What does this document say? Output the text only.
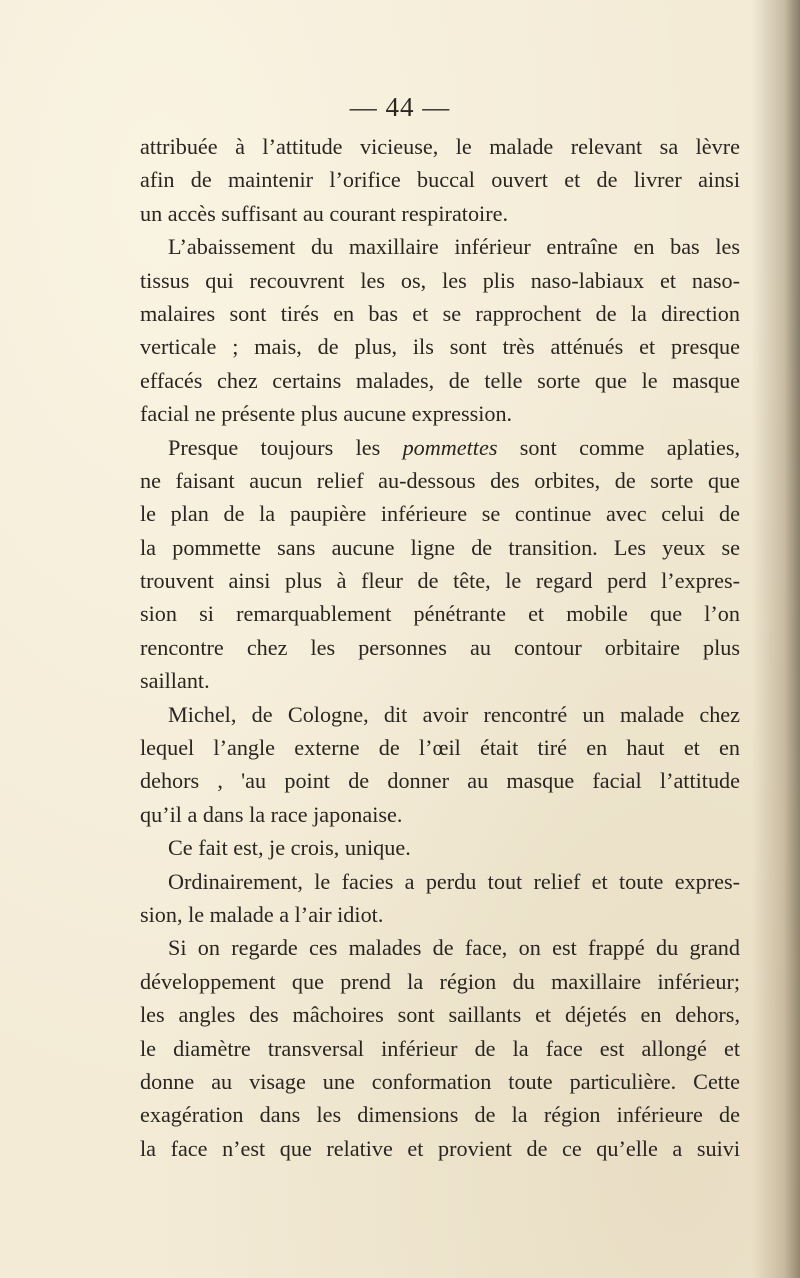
— 44 —
attribuée à l’attitude vicieuse, le malade relevant sa lèvre
afin de maintenir l’orifice buccal ouvert et de livrer ainsi
un accès suffisant au courant respiratoire.
L’abaissement du maxillaire inférieur entraîne en bas les
tissus qui recouvrent les os, les plis naso-labiaux et naso-
malaires sont tirés en bas et se rapprochent de la direction
verticale ; mais, de plus, ils sont très atténués et presque
effacés chez certains malades, de telle sorte que le masque
facial ne présente plus aucune expression.
Presque toujours les pommettes sont comme aplaties,
ne faisant aucun relief au-dessous des orbites, de sorte que
le plan de la paupière inférieure se continue avec celui de
la pommette sans aucune ligne de transition. Les yeux se
trouvent ainsi plus à fleur de tête, le regard perd l’expres-
sion si remarquablement pénétrante et mobile que l’on
rencontre chez les personnes au contour orbitaire plus
saillant.
Michel, de Cologne, dit avoir rencontré un malade chez
lequel l’angle externe de l’œil était tiré en haut et en
dehors , 'au point de donner au masque facial l’attitude
qu’il a dans la race japonaise.
Ce fait est, je crois, unique.
Ordinairement, le facies a perdu tout relief et toute expres-
sion, le malade a l’air idiot.
Si on regarde ces malades de face, on est frappé du grand
développement que prend la région du maxillaire inférieur;
les angles des mâchoires sont saillants et déjetés en dehors,
le diamètre transversal inférieur de la face est allongé et
donne au visage une conformation toute particulière. Cette
exagération dans les dimensions de la région inférieure de
la face n’est que relative et provient de ce qu’elle a suivi
